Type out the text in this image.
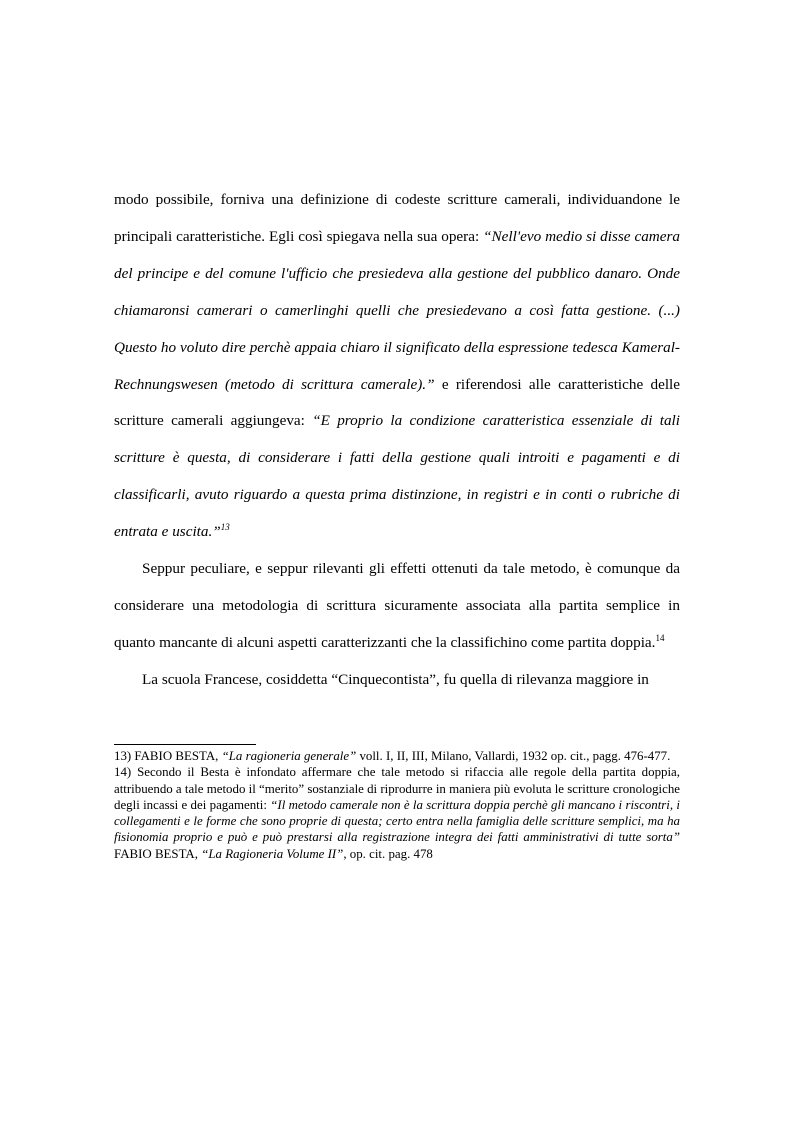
modo possibile, forniva una definizione di codeste scritture camerali, individuandone le principali caratteristiche. Egli così spiegava nella sua opera: “Nell'evo medio si disse camera del principe e del comune l'ufficio che presiedeva alla gestione del pubblico danaro. Onde chiamaronsi camerari o camerlinghi quelli che presiedevano a così fatta gestione. (...) Questo ho voluto dire perchè appaia chiaro il significato della espressione tedesca Kameral-Rechnungswesen (metodo di scrittura camerale).” e riferendosi alle caratteristiche delle scritture camerali aggiungeva: “E proprio la condizione caratteristica essenziale di tali scritture è questa, di considerare i fatti della gestione quali introiti e pagamenti e di classificarli, avuto riguardo a questa prima distinzione, in registri e in conti o rubriche di entrata e uscita.”$^{13}$

Seppur peculiare, e seppur rilevanti gli effetti ottenuti da tale metodo, è comunque da considerare una metodologia di scrittura sicuramente associata alla partita semplice in quanto mancante di alcuni aspetti caratterizzanti che la classifichino come partita doppia.$^{14}$

La scuola Francese, cosiddetta “Cinquecontista”, fu quella di rilevanza maggiore in

13) FABIO BESTA, “La ragioneria generale” voll. I, II, III, Milano, Vallardi, 1932 op. cit., pagg. 476-477.

14) Secondo il Besta è infondato affermare che tale metodo si rifaccia alle regole della partita doppia, attribuendo a tale metodo il “merito” sostanziale di riprodurre in maniera più evoluta le scritture cronologiche degli incassi e dei pagamenti: “Il metodo camerale non è la scrittura doppia perchè gli mancano i riscontri, i collegamenti e le forme che sono proprie di questa; certo entra nella famiglia delle scritture semplici, ma ha fisionomia proprio e può e può prestarsi alla registrazione integra dei fatti amministrativi di tutte sorta” FABIO BESTA, “La Ragioneria Volume II”, op. cit. pag. 478
